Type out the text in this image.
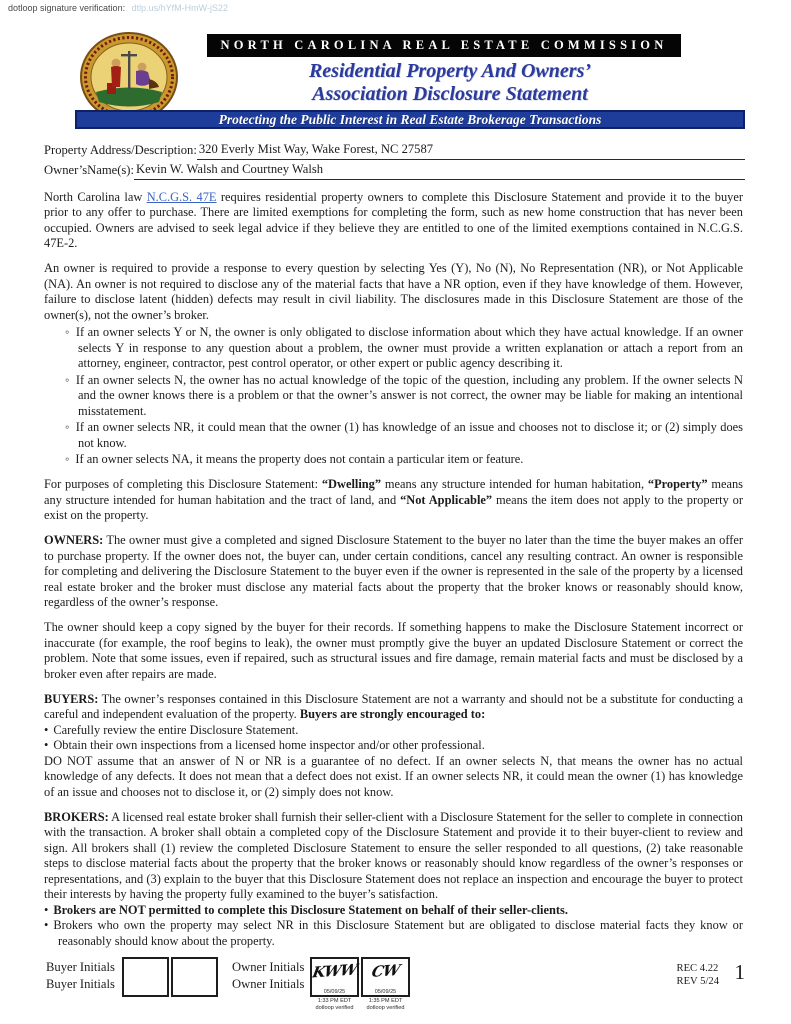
dotloop signature verification: dtlp.us/hYfM-HmW-jS22
NORTH CAROLINA REAL ESTATE COMMISSION
Residential Property And Owners’
Association Disclosure Statement
Protecting the Public Interest in Real Estate Brokerage Transactions
Property Address/Description: 320 Everly Mist Way, Wake Forest, NC 27587
Owner’sName(s): Kevin W. Walsh and Courtney Walsh

North Carolina law N.C.G.S. 47E requires residential property owners to complete this Disclosure Statement and provide it to the buyer prior to any offer to purchase. There are limited exemptions for completing the form, such as new home construction that has never been occupied. Owners are advised to seek legal advice if they believe they are entitled to one of the limited exemptions contained in N.C.G.S. 47E-2.

An owner is required to provide a response to every question by selecting Yes (Y), No (N), No Representation (NR), or Not Applicable (NA). An owner is not required to disclose any of the material facts that have a NR option, even if they have knowledge of them. However, failure to disclose latent (hidden) defects may result in civil liability. The disclosures made in this Disclosure Statement are those of the owner(s), not the owner’s broker.

◦ If an owner selects Y or N, the owner is only obligated to disclose information about which they have actual knowledge. If an owner selects Y in response to any question about a problem, the owner must provide a written explanation or attach a report from an attorney, engineer, contractor, pest control operator, or other expert or public agency describing it.
◦ If an owner selects N, the owner has no actual knowledge of the topic of the question, including any problem. If the owner selects N and the owner knows there is a problem or that the owner’s answer is not correct, the owner may be liable for making an intentional misstatement.
◦ If an owner selects NR, it could mean that the owner (1) has knowledge of an issue and chooses not to disclose it; or (2) simply does not know.
◦ If an owner selects NA, it means the property does not contain a particular item or feature.

For purposes of completing this Disclosure Statement: “Dwelling” means any structure intended for human habitation, “Property” means any structure intended for human habitation and the tract of land, and “Not Applicable” means the item does not apply to the property or exist on the property.

OWNERS: The owner must give a completed and signed Disclosure Statement to the buyer no later than the time the buyer makes an offer to purchase property. If the owner does not, the buyer can, under certain conditions, cancel any resulting contract. An owner is responsible for completing and delivering the Disclosure Statement to the buyer even if the owner is represented in the sale of the property by a licensed real estate broker and the broker must disclose any material facts about the property that the broker knows or reasonably should know, regardless of the owner’s response.

The owner should keep a copy signed by the buyer for their records. If something happens to make the Disclosure Statement incorrect or inaccurate (for example, the roof begins to leak), the owner must promptly give the buyer an updated Disclosure Statement or correct the problem. Note that some issues, even if repaired, such as structural issues and fire damage, remain material facts and must be disclosed by a broker even after repairs are made.

BUYERS: The owner’s responses contained in this Disclosure Statement are not a warranty and should not be a substitute for conducting a careful and independent evaluation of the property. Buyers are strongly encouraged to:

• Carefully review the entire Disclosure Statement.

• Obtain their own inspections from a licensed home inspector and/or other professional.

DO NOT assume that an answer of N or NR is a guarantee of no defect. If an owner selects N, that means the owner has no actual knowledge of any defects. It does not mean that a defect does not exist. If an owner selects NR, it could mean the owner (1) has knowledge of an issue and chooses not to disclose it, or (2) simply does not know.

BROKERS: A licensed real estate broker shall furnish their seller-client with a Disclosure Statement for the seller to complete in connection with the transaction. A broker shall obtain a completed copy of the Disclosure Statement and provide it to their buyer-client to review and sign. All brokers shall (1) review the completed Disclosure Statement to ensure the seller responded to all questions, (2) take reasonable steps to disclose material facts about the property that the broker knows or reasonably should know regardless of the owner’s responses or representations, and (3) explain to the buyer that this Disclosure Statement does not replace an inspection and encourage the buyer to protect their interests by having the property fully examined to the buyer’s satisfaction.

• Brokers are NOT permitted to complete this Disclosure Statement on behalf of their seller-clients.

• Brokers who own the property may select NR in this Disclosure Statement but are obligated to disclose material facts they know or reasonably should know about the property.

Buyer Initials
Buyer Initials
Owner Initials
Owner Initials
KWW
05/09/25
1:33 PM EDT
dotloop verified
CW
05/09/25
1:35 PM EDT
dotloop verified
REC 4.22
REV 5/24 1
